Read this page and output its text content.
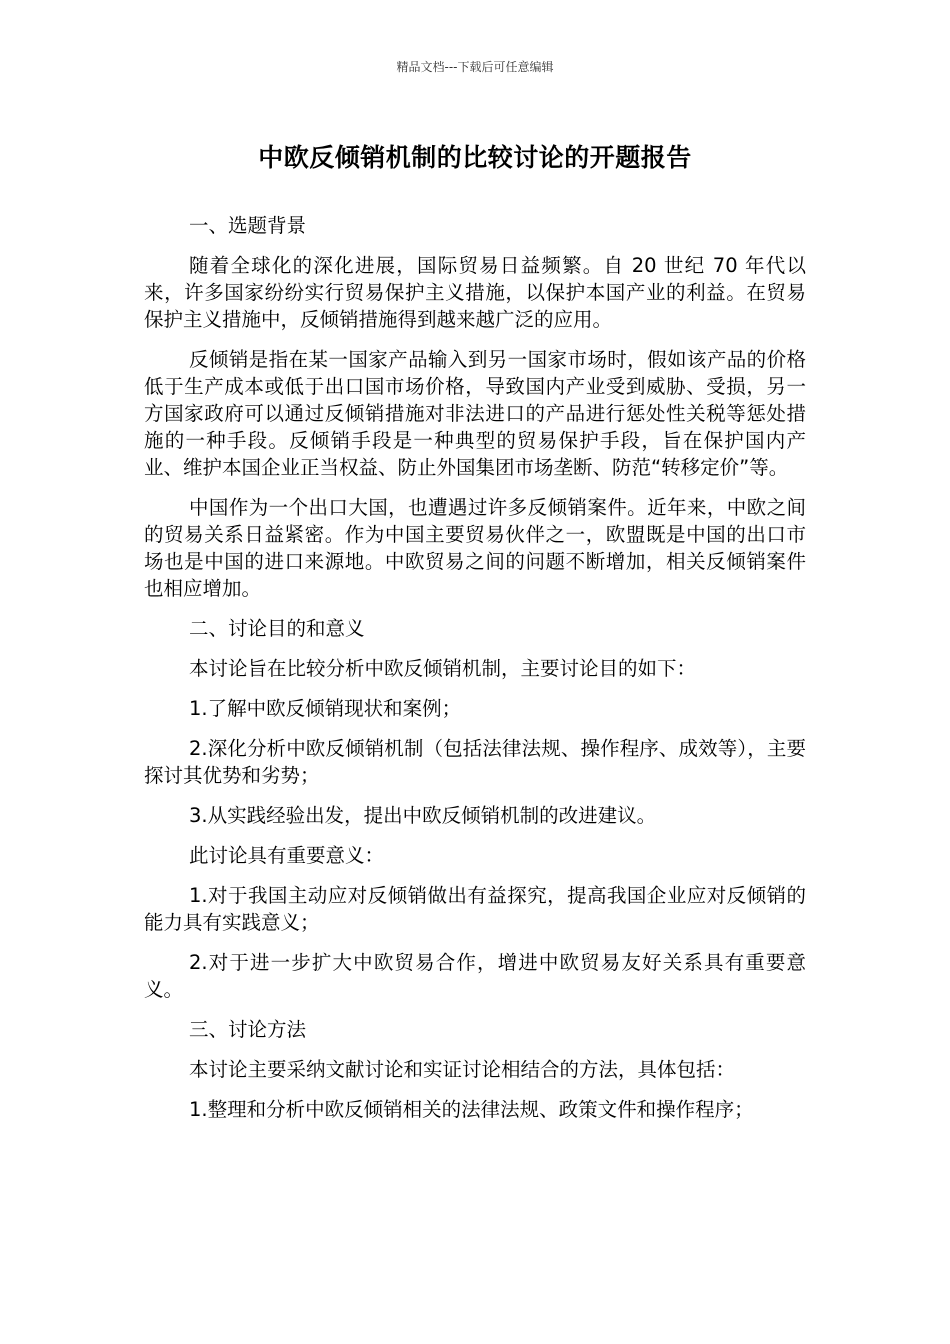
精品文档---下载后可任意编辑
中欧反倾销机制的比较讨论的开题报告

一、选题背景

随着全球化的深化进展，国际贸易日益频繁。自 20 世纪 70 年代以来，许多国家纷纷实行贸易保护主义措施，以保护本国产业的利益。在贸易保护主义措施中，反倾销措施得到越来越广泛的应用。

反倾销是指在某一国家产品输入到另一国家市场时，假如该产品的价格低于生产成本或低于出口国市场价格，导致国内产业受到威胁、受损，另一方国家政府可以通过反倾销措施对非法进口的产品进行惩处性关税等惩处措施的一种手段。反倾销手段是一种典型的贸易保护手段，旨在保护国内产业、维护本国企业正当权益、防止外国集团市场垄断、防范“转移定价”等。

中国作为一个出口大国，也遭遇过许多反倾销案件。近年来，中欧之间的贸易关系日益紧密。作为中国主要贸易伙伴之一，欧盟既是中国的出口市场也是中国的进口来源地。中欧贸易之间的问题不断增加，相关反倾销案件也相应增加。

二、讨论目的和意义

本讨论旨在比较分析中欧反倾销机制，主要讨论目的如下：

1.了解中欧反倾销现状和案例；

2.深化分析中欧反倾销机制（包括法律法规、操作程序、成效等），主要探讨其优势和劣势；

3.从实践经验出发，提出中欧反倾销机制的改进建议。

此讨论具有重要意义：

1.对于我国主动应对反倾销做出有益探究，提高我国企业应对反倾销的能力具有实践意义；

2.对于进一步扩大中欧贸易合作，增进中欧贸易友好关系具有重要意义。

三、讨论方法

本讨论主要采纳文献讨论和实证讨论相结合的方法，具体包括：

1.整理和分析中欧反倾销相关的法律法规、政策文件和操作程序；
